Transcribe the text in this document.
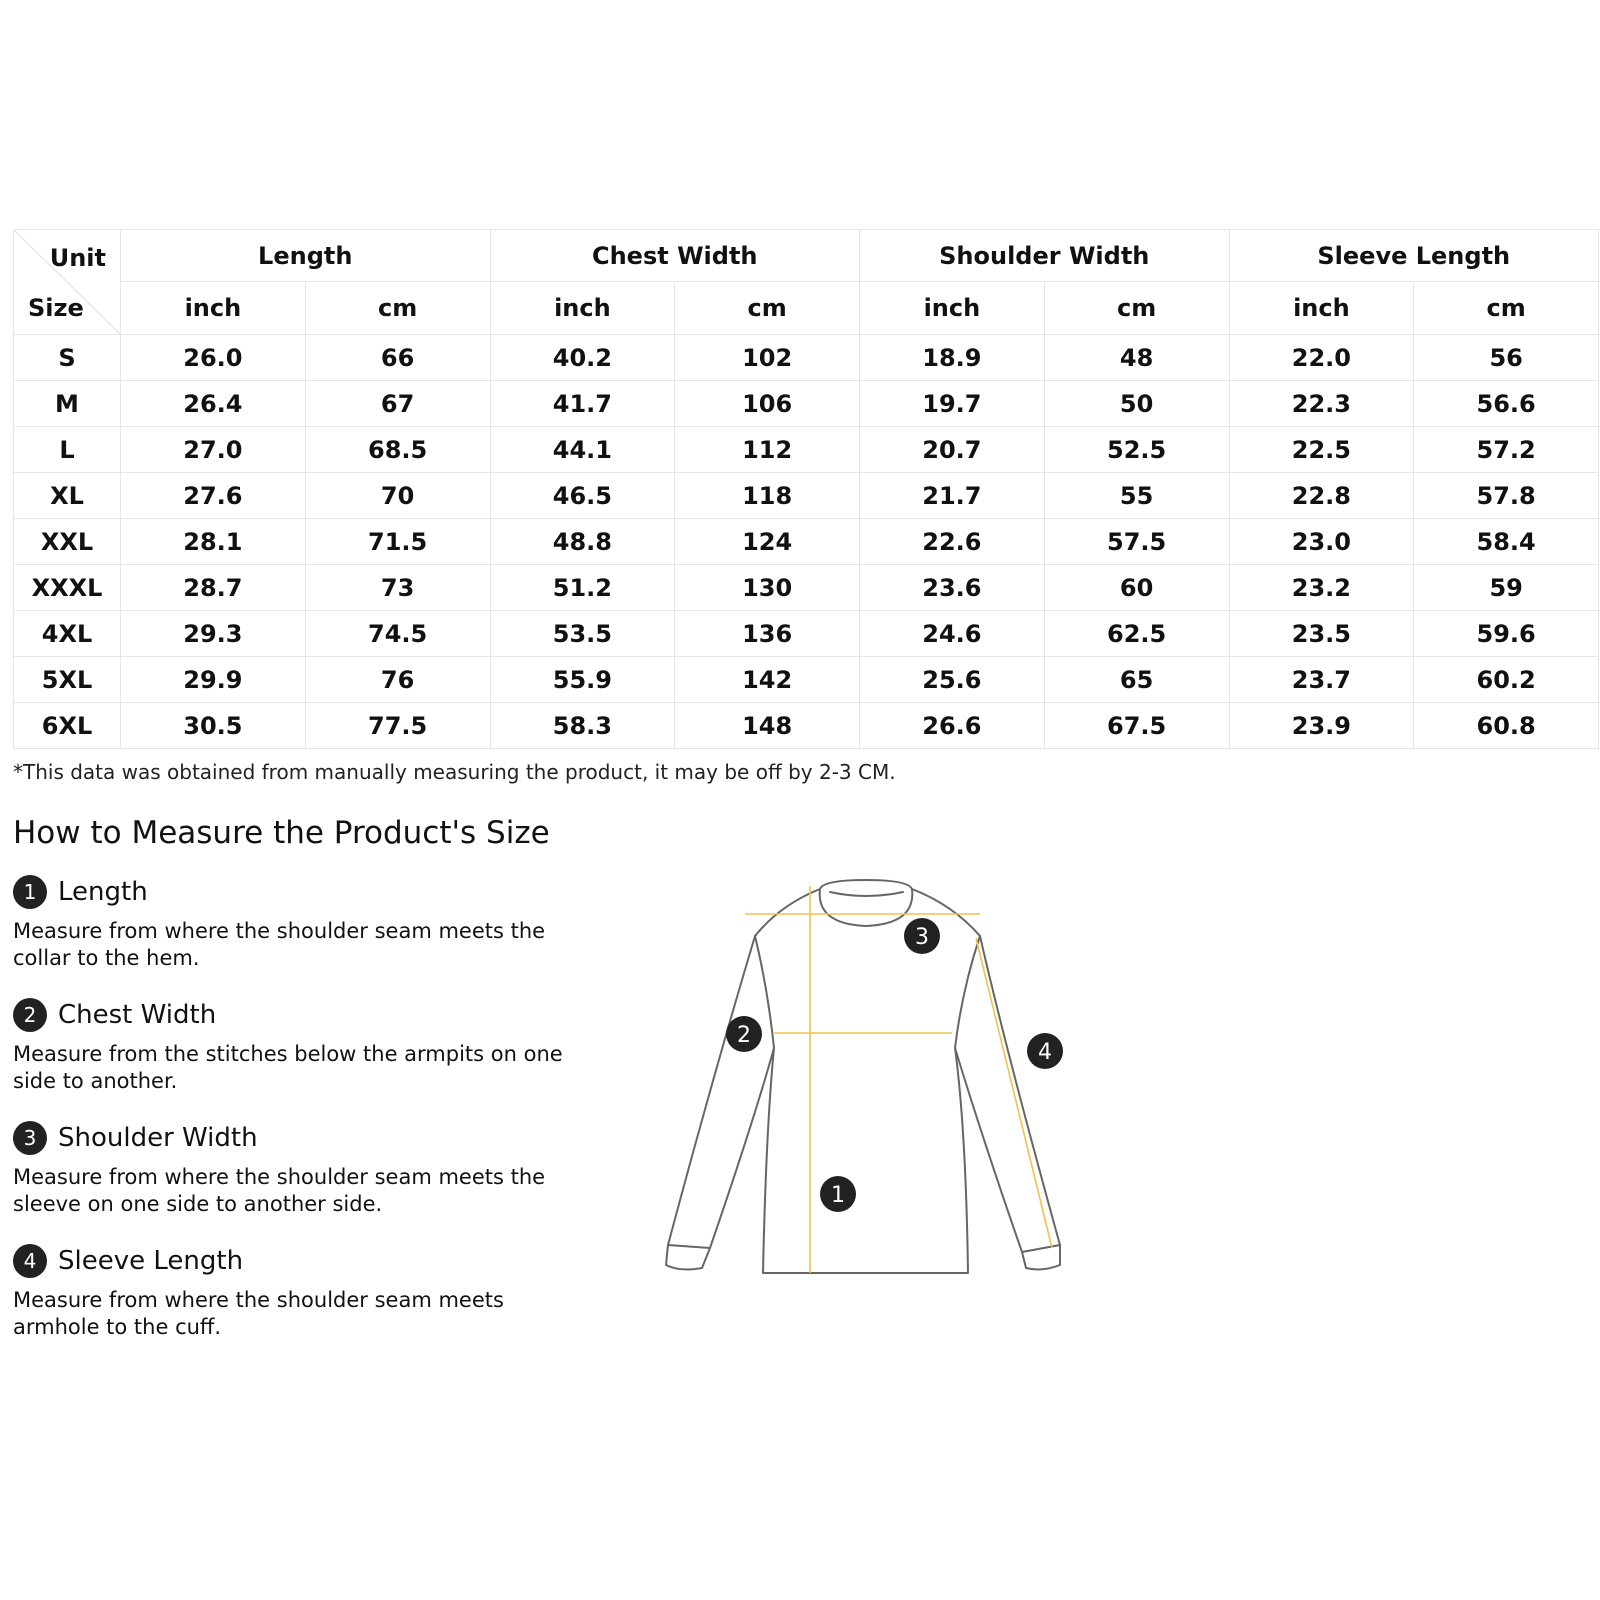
Unit
Size	Length		Chest Width		Shoulder Width		Sleeve Length	
	inch	cm	inch	cm	inch	cm	inch	cm
S	26.0	66	40.2	102	18.9	48	22.0	56
M	26.4	67	41.7	106	19.7	50	22.3	56.6
L	27.0	68.5	44.1	112	20.7	52.5	22.5	57.2
XL	27.6	70	46.5	118	21.7	55	22.8	57.8
XXL	28.1	71.5	48.8	124	22.6	57.5	23.0	58.4
XXXL	28.7	73	51.2	130	23.6	60	23.2	59
4XL	29.3	74.5	53.5	136	24.6	62.5	23.5	59.6
5XL	29.9	76	55.9	142	25.6	65	23.7	60.2
6XL	30.5	77.5	58.3	148	26.6	67.5	23.9	60.8
*This data was obtained from manually measuring the product, it may be off by 2-3 CM.
How to Measure the Product's Size
1 Length
Measure from where the shoulder seam meets the collar to the hem.
2 Chest Width
Measure from the stitches below the armpits on one side to another.
3 Shoulder Width
Measure from where the shoulder seam meets the sleeve on one side to another side.
4 Sleeve Length
Measure from where the shoulder seam meets armhole to the cuff.
1
2
3
4
